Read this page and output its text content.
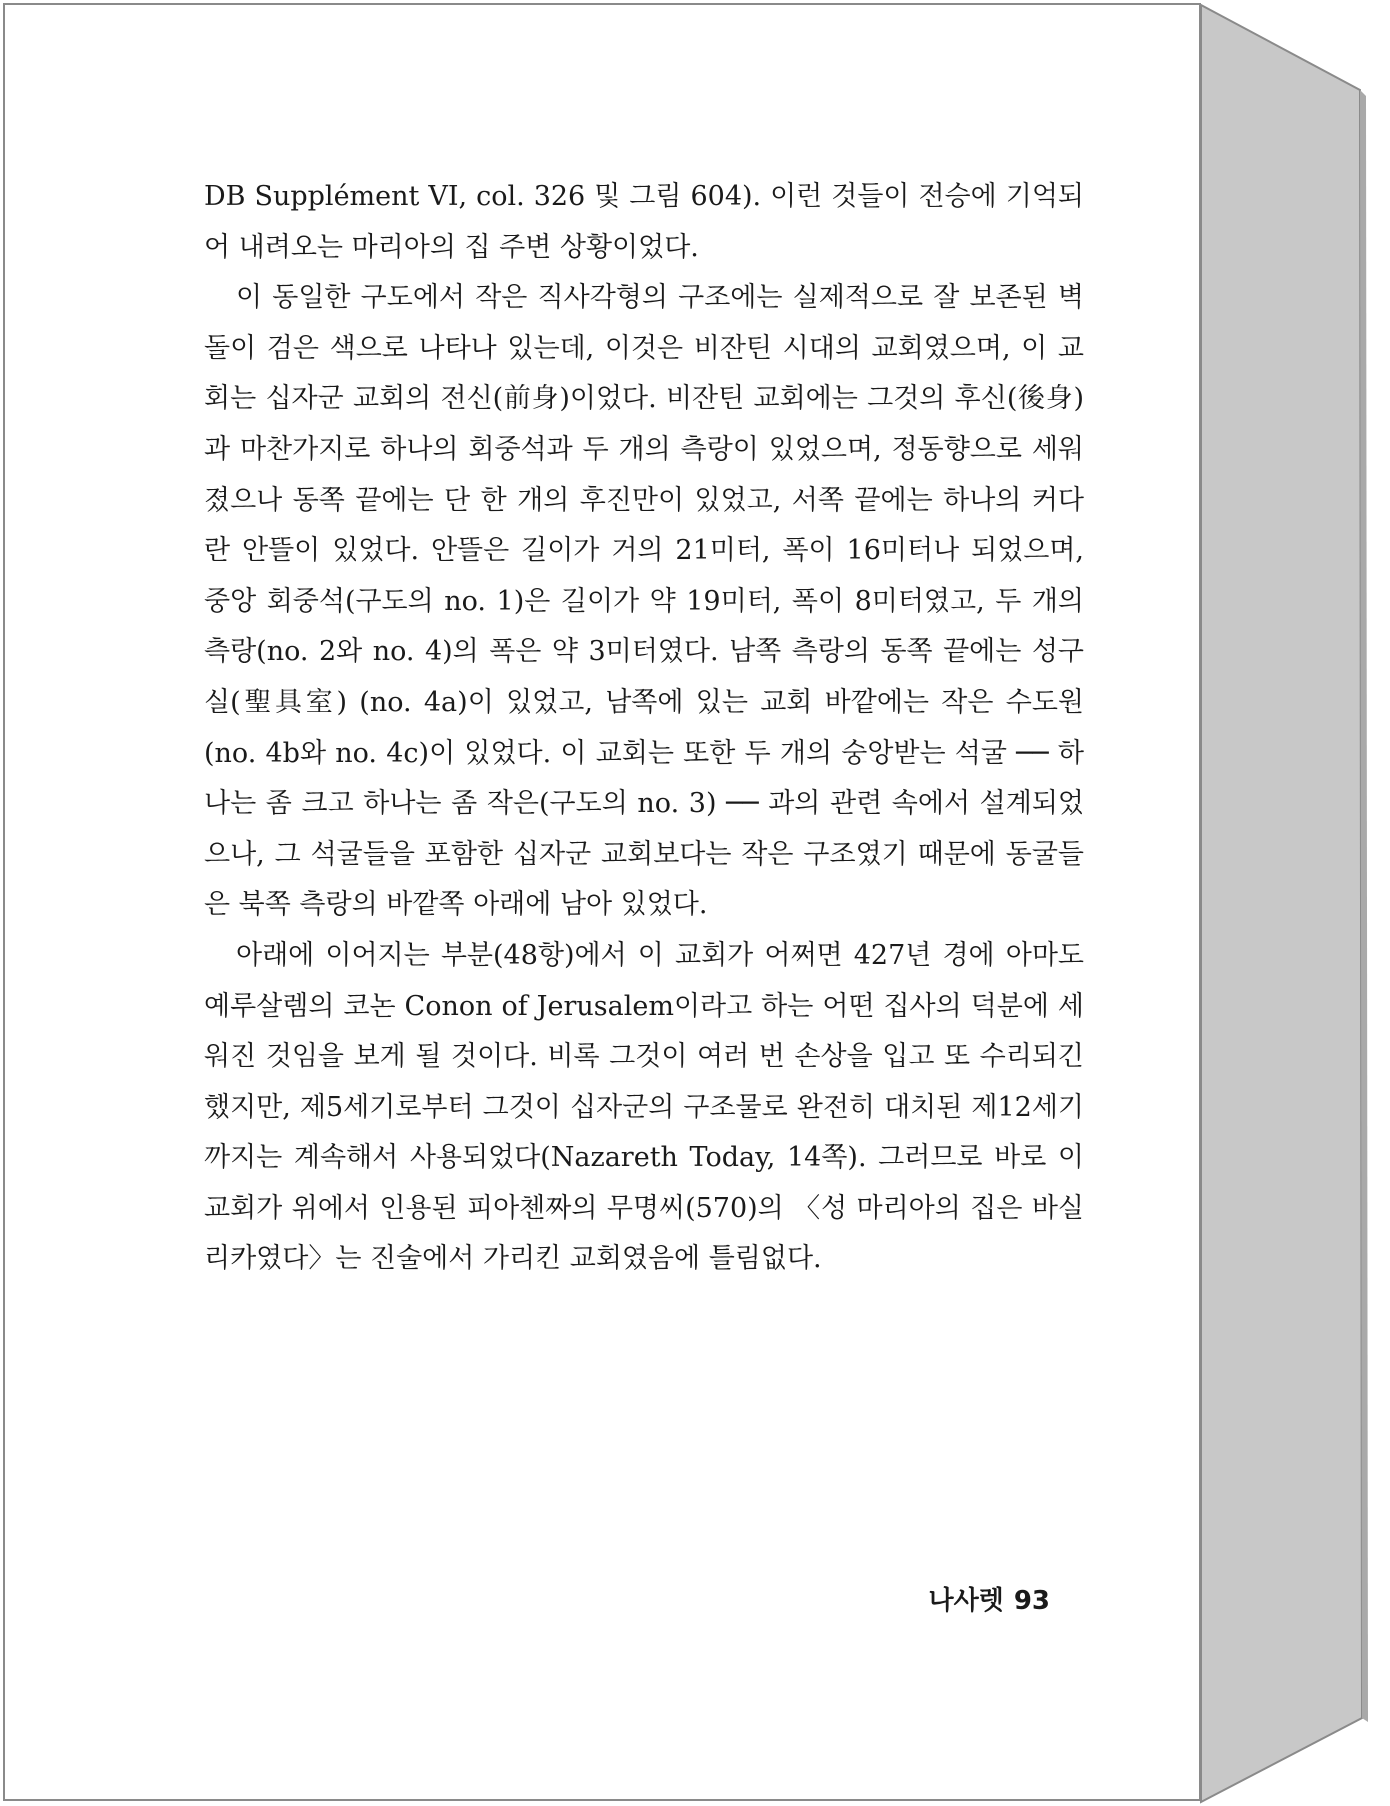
DB Supplément VI, col. 326 및 그림 604). 이런 것들이 전승에 기억되어 내려오는 마리아의 집 주변 상황이었다.

이 동일한 구도에서 작은 직사각형의 구조에는 실제적으로 잘 보존된 벽돌이 검은 색으로 나타나 있는데, 이것은 비잔틴 시대의 교회였으며, 이 교회는 십자군 교회의 전신(前身)이었다. 비잔틴 교회에는 그것의 후신(後身)과 마찬가지로 하나의 회중석과 두 개의 측랑이 있었으며, 정동향으로 세워졌으나 동쪽 끝에는 단 한 개의 후진만이 있었고, 서쪽 끝에는 하나의 커다란 안뜰이 있었다. 안뜰은 길이가 거의 21미터, 폭이 16미터나 되었으며, 중앙 회중석(구도의 no. 1)은 길이가 약 19미터, 폭이 8미터였고, 두 개의 측랑(no. 2와 no. 4)의 폭은 약 3미터였다. 남쪽 측랑의 동쪽 끝에는 성구실(聖具室) (no. 4a)이 있었고, 남쪽에 있는 교회 바깥에는 작은 수도원(no. 4b와 no. 4c)이 있었다. 이 교회는 또한 두 개의 숭앙받는 석굴 ── 하나는 좀 크고 하나는 좀 작은(구도의 no. 3) ── 과의 관련 속에서 설계되었으나, 그 석굴들을 포함한 십자군 교회보다는 작은 구조였기 때문에 동굴들은 북쪽 측랑의 바깥쪽 아래에 남아 있었다.

아래에 이어지는 부분(48항)에서 이 교회가 어쩌면 427년 경에 아마도 예루살렘의 코논 Conon of Jerusalem이라고 하는 어떤 집사의 덕분에 세워진 것임을 보게 될 것이다. 비록 그것이 여러 번 손상을 입고 또 수리되긴 했지만, 제5세기로부터 그것이 십자군의 구조물로 완전히 대치된 제12세기까지는 계속해서 사용되었다(Nazareth Today, 14쪽). 그러므로 바로 이 교회가 위에서 인용된 피아첸짜의 무명씨(570)의 〈성 마리아의 집은 바실리카였다〉는 진술에서 가리킨 교회였음에 틀림없다.

나사렛 93
